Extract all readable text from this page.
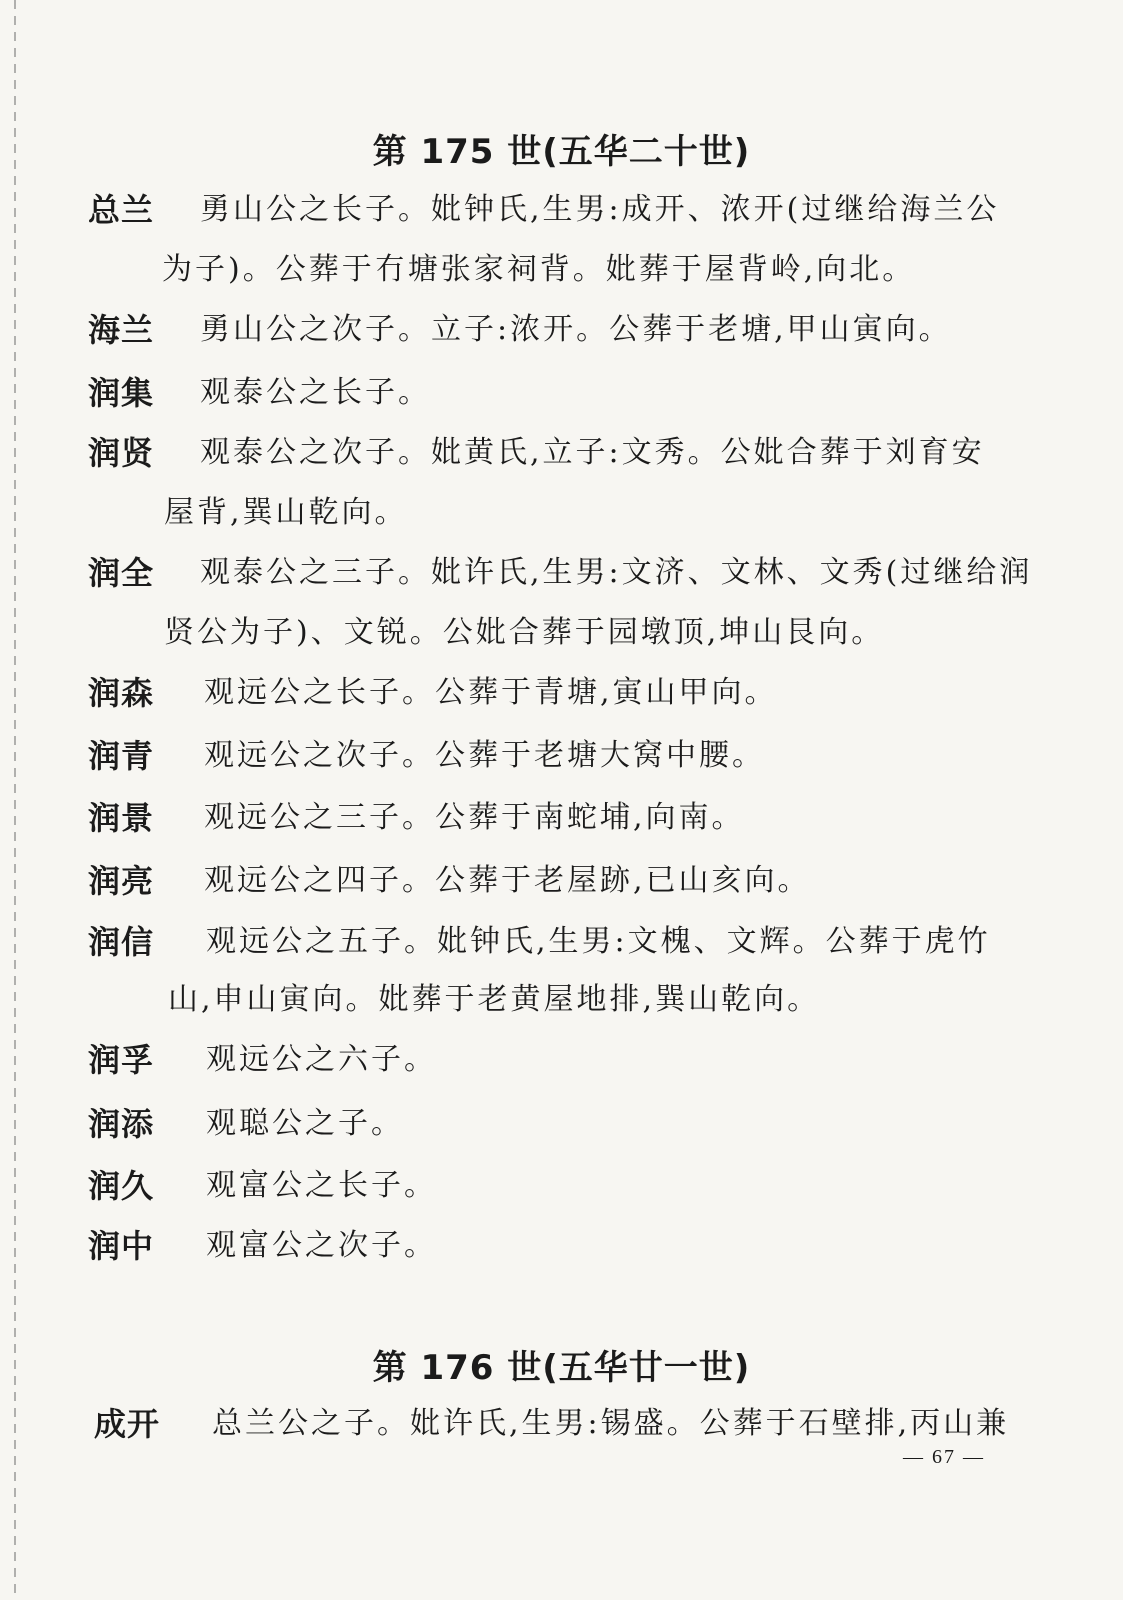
第 175 世(五华二十世)
总兰 勇山公之长子。妣钟氏,生男:成开、浓开(过继给海兰公
为子)。公葬于冇塘张家祠背。妣葬于屋背岭,向北。
海兰 勇山公之次子。立子:浓开。公葬于老塘,甲山寅向。
润集 观泰公之长子。
润贤 观泰公之次子。妣黄氏,立子:文秀。公妣合葬于刘育安
屋背,巽山乾向。
润全 观泰公之三子。妣许氏,生男:文济、文林、文秀(过继给润
贤公为子)、文锐。公妣合葬于园墩顶,坤山艮向。
润森 观远公之长子。公葬于青塘,寅山甲向。
润青 观远公之次子。公葬于老塘大窝中腰。
润景 观远公之三子。公葬于南蛇埔,向南。
润亮 观远公之四子。公葬于老屋跡,已山亥向。
润信 观远公之五子。妣钟氏,生男:文槐、文辉。公葬于虎竹
山,申山寅向。妣葬于老黄屋地排,巽山乾向。
润孚 观远公之六子。
润添 观聪公之子。
润久 观富公之长子。
润中 观富公之次子。
第 176 世(五华廿一世)
成开 总兰公之子。妣许氏,生男:锡盛。公葬于石壁排,丙山兼
— 67 —
